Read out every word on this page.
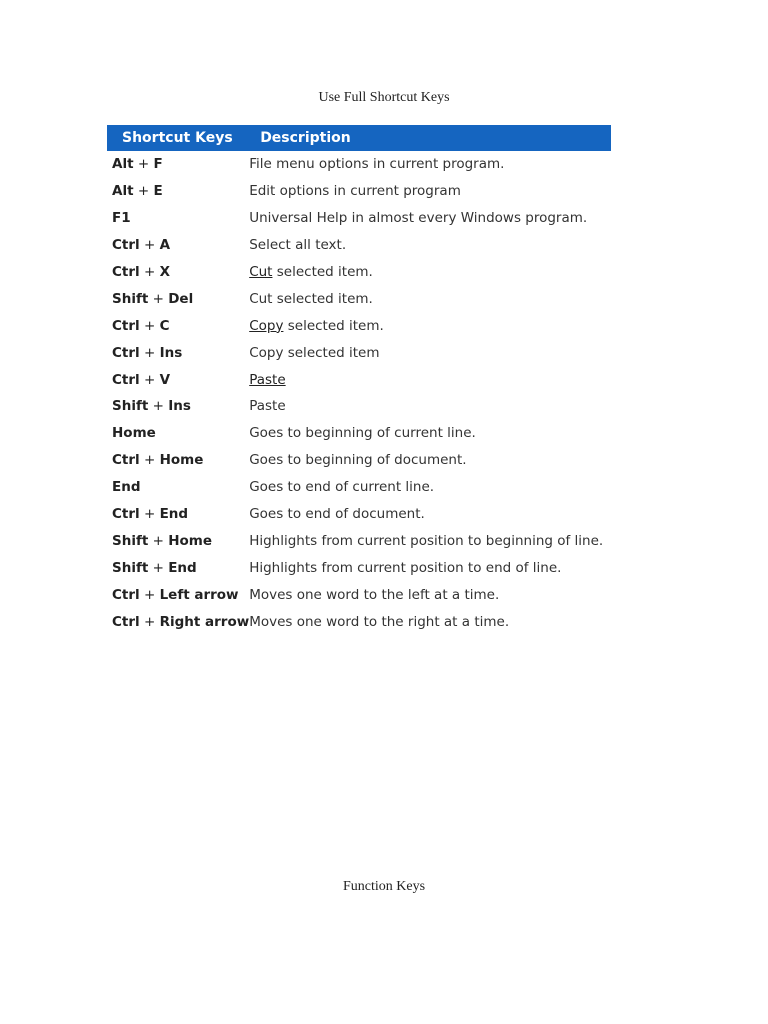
Use Full Shortcut Keys
Shortcut Keys	Description
Alt + F	File menu options in current program.
Alt + E	Edit options in current program
F1	Universal Help in almost every Windows program.
Ctrl + A	Select all text.
Ctrl + X	Cut selected item.
Shift + Del	Cut selected item.
Ctrl + C	Copy selected item.
Ctrl + Ins	Copy selected item
Ctrl + V	Paste
Shift + Ins	Paste
Home	Goes to beginning of current line.
Ctrl + Home	Goes to beginning of document.
End	Goes to end of current line.
Ctrl + End	Goes to end of document.
Shift + Home	Highlights from current position to beginning of line.
Shift + End	Highlights from current position to end of line.
Ctrl + Left arrow	Moves one word to the left at a time.
Ctrl + Right arrow	Moves one word to the right at a time.
Function Keys
